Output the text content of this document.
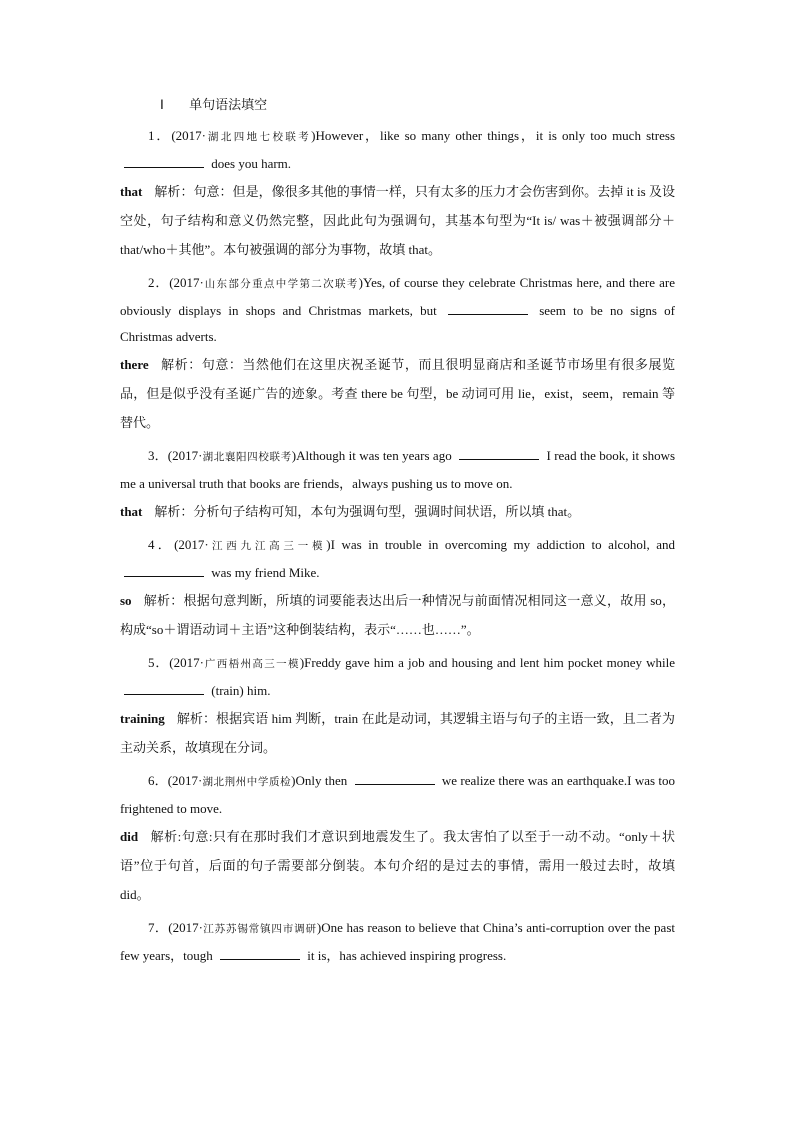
Ⅰ 单句语法填空
1．(2017·湖北四地七校联考)However，like so many other things，it is only too much stress  does you harm.
that 解析：句意：但是，像很多其他的事情一样，只有太多的压力才会伤害到你。去掉 it is 及设空处，句子结构和意义仍然完整，因此此句为强调句，其基本句型为“It is/ was＋被强调部分＋that/who＋其他”。本句被强调的部分为事物，故填 that。
2．(2017·山东部分重点中学第二次联考)Yes, of course they celebrate Christmas here, and there are obviously displays in shops and Christmas markets, but	seem to be no signs of Christmas adverts.
there 解析：句意：当然他们在这里庆祝圣诞节，而且很明显商店和圣诞节市场里有很多展览品，但是似乎没有圣诞广告的迹象。考查 there be 句型，be 动词可用 lie，exist，seem，remain 等替代。
3．(2017·湖北襄阳四校联考)Although it was ten years ago	I read the book, it shows me a universal truth that books are friends，always pushing us to move on.
that 解析：分析句子结构可知，本句为强调句型，强调时间状语，所以填 that。
4．(2017·江西九江高三一模)I was in trouble in overcoming my addiction to alcohol, and  was my friend Mike.
so 解析：根据句意判断，所填的词要能表达出后一种情况与前面情况相同这一意义，故用 so，构成“so＋谓语动词＋主语”这种倒装结构，表示“……也……”。
5．(2017·广西梧州高三一模)Freddy gave him a job and housing and lent him pocket money while  (train) him.
training 解析：根据宾语 him 判断，train 在此是动词，其逻辑主语与句子的主语一致，且二者为主动关系，故填现在分词。
6．(2017·湖北荆州中学质检)Only then	we realize there was an earthquake.I was too frightened to move.
did 解析:句意:只有在那时我们才意识到地震发生了。我太害怕了以至于一动不动。“only＋状语”位于句首，后面的句子需要部分倒装。本句介绍的是过去的事情，需用一般过去时，故填 did。
7．(2017·江苏苏锡常镇四市调研)One has reason to believe that China’s anti-corruption over the past few years，tough	it is，has achieved inspiring progress.
